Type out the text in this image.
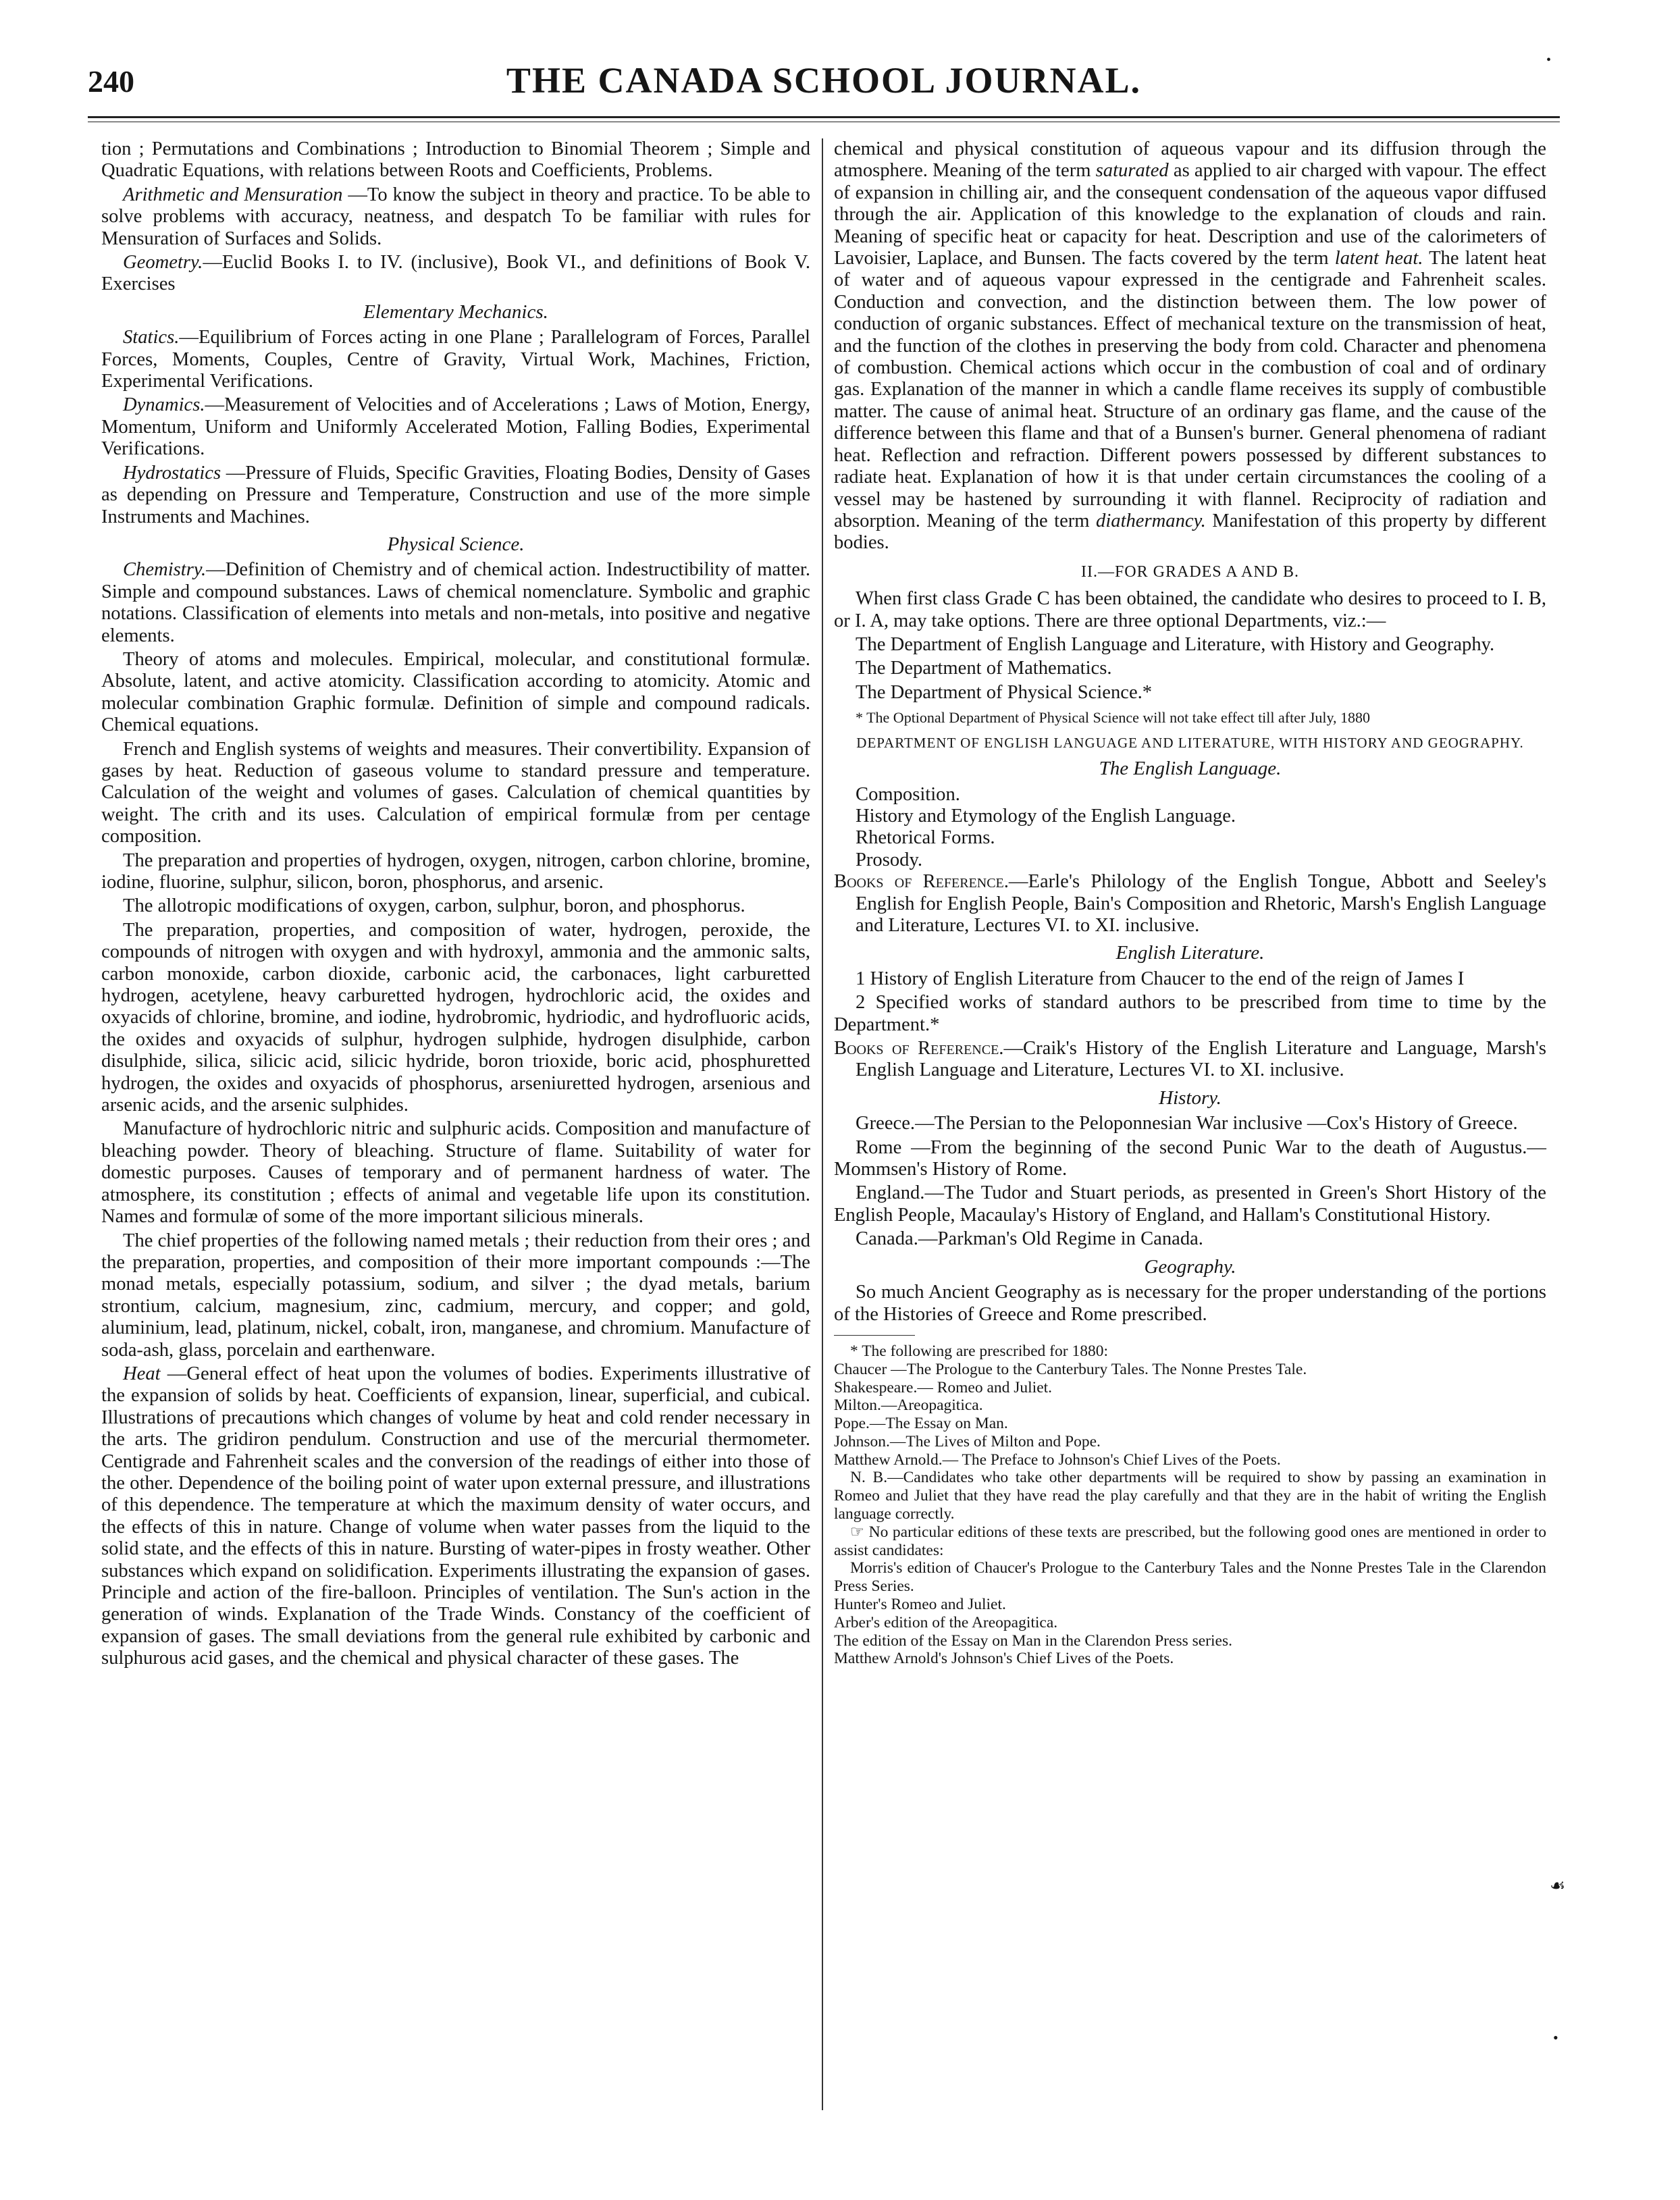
240	THE CANADA SCHOOL JOURNAL.	•

tion ; Permutations and Combinations ; Introduction to Binomial Theorem ; Simple and Quadratic Equations, with relations between Roots and Coefficients, Problems.

Arithmetic and Mensuration —To know the subject in theory and practice. To be able to solve problems with accuracy, neatness, and despatch To be familiar with rules for Mensuration of Surfaces and Solids.

Geometry.—Euclid Books I. to IV. (inclusive), Book VI., and definitions of Book V. Exercises

Elementary Mechanics.

Statics.—Equilibrium of Forces acting in one Plane ; Parallelogram of Forces, Parallel Forces, Moments, Couples, Centre of Gravity, Virtual Work, Machines, Friction, Experimental Verifications.

Dynamics.—Measurement of Velocities and of Accelerations ; Laws of Motion, Energy, Momentum, Uniform and Uniformly Accelerated Motion, Falling Bodies, Experimental Verifications.

Hydrostatics —Pressure of Fluids, Specific Gravities, Floating Bodies, Density of Gases as depending on Pressure and Temperature, Construction and use of the more simple Instruments and Machines.

Physical Science.

Chemistry.—Definition of Chemistry and of chemical action. Indestructibility of matter. Simple and compound substances. Laws of chemical nomenclature. Symbolic and graphic notations. Classification of elements into metals and non-metals, into positive and negative elements.

Theory of atoms and molecules. Empirical, molecular, and constitutional formulæ. Absolute, latent, and active atomicity. Classification according to atomicity. Atomic and molecular combination Graphic formulæ. Definition of simple and compound radicals. Chemical equations.

French and English systems of weights and measures. Their convertibility. Expansion of gases by heat. Reduction of gaseous volume to standard pressure and temperature. Calculation of the weight and volumes of gases. Calculation of chemical quantities by weight. The crith and its uses. Calculation of empirical formulæ from per centage composition.

The preparation and properties of hydrogen, oxygen, nitrogen, carbon chlorine, bromine, iodine, fluorine, sulphur, silicon, boron, phosphorus, and arsenic.

The allotropic modifications of oxygen, carbon, sulphur, boron, and phosphorus.

The preparation, properties, and composition of water, hydrogen, peroxide, the compounds of nitrogen with oxygen and with hydroxyl, ammonia and the ammonic salts, carbon monoxide, carbon dioxide, carbonic acid, the carbonaces, light carburetted hydrogen, acetylene, heavy carburetted hydrogen, hydrochloric acid, the oxides and oxyacids of chlorine, bromine, and iodine, hydrobromic, hydriodic, and hydrofluoric acids, the oxides and oxyacids of sulphur, hydrogen sulphide, hydrogen disulphide, carbon disulphide, silica, silicic acid, silicic hydride, boron trioxide, boric acid, phosphuretted hydrogen, the oxides and oxyacids of phosphorus, arseniuretted hydrogen, arsenious and arsenic acids, and the arsenic sulphides.

Manufacture of hydrochloric nitric and sulphuric acids. Composition and manufacture of bleaching powder. Theory of bleaching. Structure of flame. Suitability of water for domestic purposes. Causes of temporary and of permanent hardness of water. The atmosphere, its constitution ; effects of animal and vegetable life upon its constitution. Names and formulæ of some of the more important silicious minerals.

The chief properties of the following named metals ; their reduction from their ores ; and the preparation, properties, and composition of their more important compounds :—The monad metals, especially potassium, sodium, and silver ; the dyad metals, barium strontium, calcium, magnesium, zinc, cadmium, mercury, and copper; and gold, aluminium, lead, platinum, nickel, cobalt, iron, manganese, and chromium. Manufacture of soda-ash, glass, porcelain and earthenware.

Heat —General effect of heat upon the volumes of bodies. Experiments illustrative of the expansion of solids by heat. Coefficients of expansion, linear, superficial, and cubical. Illustrations of precautions which changes of volume by heat and cold render necessary in the arts. The gridiron pendulum. Construction and use of the mercurial thermometer. Centigrade and Fahrenheit scales and the conversion of the readings of either into those of the other. Dependence of the boiling point of water upon external pressure, and illustrations of this dependence. The temperature at which the maximum density of water occurs, and the effects of this in nature. Change of volume when water passes from the liquid to the solid state, and the effects of this in nature. Bursting of water-pipes in frosty weather. Other substances which expand on solidification. Experiments illustrating the expansion of gases. Principle and action of the fire-balloon. Principles of ventilation. The Sun's action in the generation of winds. Explanation of the Trade Winds. Constancy of the coefficient of expansion of gases. The small deviations from the general rule exhibited by carbonic and sulphurous acid gases, and the chemical and physical character of these gases. The

chemical and physical constitution of aqueous vapour and its diffusion through the atmosphere. Meaning of the term saturated as applied to air charged with vapour. The effect of expansion in chilling air, and the consequent condensation of the aqueous vapor diffused through the air. Application of this knowledge to the explanation of clouds and rain. Meaning of specific heat or capacity for heat. Description and use of the calorimeters of Lavoisier, Laplace, and Bunsen. The facts covered by the term latent heat. The latent heat of water and of aqueous vapour expressed in the centigrade and Fahrenheit scales. Conduction and convection, and the distinction between them. The low power of conduction of organic substances. Effect of mechanical texture on the transmission of heat, and the function of the clothes in preserving the body from cold. Character and phenomena of combustion. Chemical actions which occur in the combustion of coal and of ordinary gas. Explanation of the manner in which a candle flame receives its supply of combustible matter. The cause of animal heat. Structure of an ordinary gas flame, and the cause of the difference between this flame and that of a Bunsen's burner. General phenomena of radiant heat. Reflection and refraction. Different powers possessed by different substances to radiate heat. Explanation of how it is that under certain circumstances the cooling of a vessel may be hastened by surrounding it with flannel. Reciprocity of radiation and absorption. Meaning of the term diathermancy. Manifestation of this property by different bodies.

II.—FOR GRADES A AND B.

When first class Grade C has been obtained, the candidate who desires to proceed to I. B, or I. A, may take options. There are three optional Departments, viz.:—

The Department of English Language and Literature, with History and Geography.

The Department of Mathematics.

The Department of Physical Science.*

* The Optional Department of Physical Science will not take effect till after July, 1880

DEPARTMENT OF ENGLISH LANGUAGE AND LITERATURE, WITH HISTORY AND GEOGRAPHY.
The English Language.

Composition.

History and Etymology of the English Language.

Rhetorical Forms.

Prosody.

Books of Reference.—Earle's Philology of the English Tongue, Abbott and Seeley's English for English People, Bain's Composition and Rhetoric, Marsh's English Language and Literature, Lectures VI. to XI. inclusive.

English Literature.

1 History of English Literature from Chaucer to the end of the reign of James I

2 Specified works of standard authors to be prescribed from time to time by the Department.*

Books of Reference.—Craik's History of the English Literature and Language, Marsh's English Language and Literature, Lectures VI. to XI. inclusive.

History.

Greece.—The Persian to the Peloponnesian War inclusive —Cox's History of Greece.

Rome —From the beginning of the second Punic War to the death of Augustus.—Mommsen's History of Rome.

England.—The Tudor and Stuart periods, as presented in Green's Short History of the English People, Macaulay's History of England, and Hallam's Constitutional History.

Canada.—Parkman's Old Regime in Canada.

Geography.

So much Ancient Geography as is necessary for the proper understanding of the portions of the Histories of Greece and Rome prescribed.

* The following are prescribed for 1880:

Chaucer —The Prologue to the Canterbury Tales. The Nonne Prestes Tale.

Shakespeare.— Romeo and Juliet.

Milton.—Areopagitica.

Pope.—The Essay on Man.

Johnson.—The Lives of Milton and Pope.

Matthew Arnold.— The Preface to Johnson's Chief Lives of the Poets.

N. B.—Candidates who take other departments will be required to show by passing an examination in Romeo and Juliet that they have read the play carefully and that they are in the habit of writing the English language correctly.

☞ No particular editions of these texts are prescribed, but the following good ones are mentioned in order to assist candidates:

Morris's edition of Chaucer's Prologue to the Canterbury Tales and the Nonne Prestes Tale in the Clarendon Press Series.

Hunter's Romeo and Juliet.

Arber's edition of the Areopagitica.

The edition of the Essay on Man in the Clarendon Press series.

Matthew Arnold's Johnson's Chief Lives of the Poets.

☙
•
